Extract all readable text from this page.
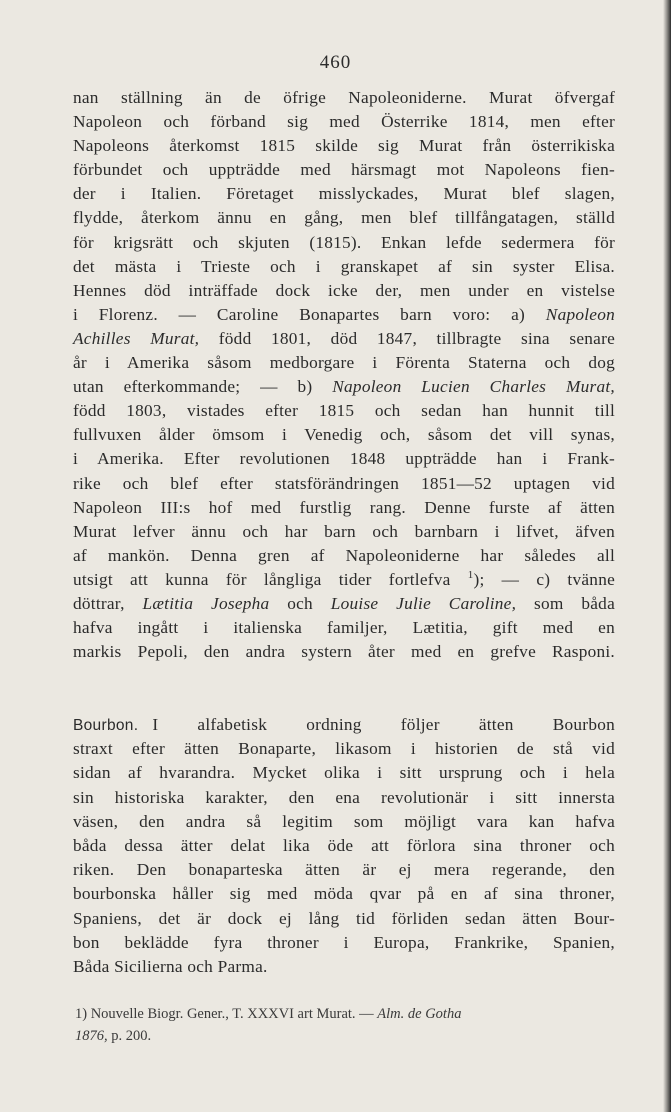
460
nan ställning än de öfrige Napoleoniderne. Murat öfvergaf
Napoleon och förband sig med Österrike 1814, men efter
Napoleons återkomst 1815 skilde sig Murat från österrikiska
förbundet och uppträdde med härsmagt mot Napoleons fien-
der i Italien. Företaget misslyckades, Murat blef slagen,
flydde, återkom ännu en gång, men blef tillfångatagen, ställd
för krigsrätt och skjuten (1815). Enkan lefde sedermera för
det mästa i Trieste och i granskapet af sin syster Elisa.
Hennes död inträffade dock icke der, men under en vistelse
i Florenz. — Caroline Bonapartes barn voro: a) Napoleon
Achilles Murat, född 1801, död 1847, tillbragte sina senare
år i Amerika såsom medborgare i Förenta Staterna och dog
utan efterkommande; — b) Napoleon Lucien Charles Murat,
född 1803, vistades efter 1815 och sedan han hunnit till
fullvuxen ålder ömsom i Venedig och, såsom det vill synas,
i Amerika. Efter revolutionen 1848 uppträdde han i Frank-
rike och blef efter statsförändringen 1851—52 uptagen vid
Napoleon III:s hof med furstlig rang. Denne furste af ätten
Murat lefver ännu och har barn och barnbarn i lifvet, äfven
af mankön. Denna gren af Napoleoniderne har således all
utsigt att kunna för långliga tider fortlefva $^1$); — c) tvänne
döttrar, Lætitia Josepha och Louise Julie Caroline, som båda
hafva ingått i italienska familjer, Lætitia, gift med en
markis Pepoli, den andra systern åter med en grefve Rasponi.
Bourbon. I alfabetisk ordning följer ätten Bourbon
straxt efter ätten Bonaparte, likasom i historien de stå vid
sidan af hvarandra. Mycket olika i sitt ursprung och i hela
sin historiska karakter, den ena revolutionär i sitt innersta
väsen, den andra så legitim som möjligt vara kan hafva
båda dessa ätter delat lika öde att förlora sina throner och
riken. Den bonaparteska ätten är ej mera regerande, den
bourbonska håller sig med möda qvar på en af sina throner,
Spaniens, det är dock ej lång tid förliden sedan ätten Bour-
bon beklädde fyra throner i Europa, Frankrike, Spanien,
Båda Sicilierna och Parma.
1) Nouvelle Biogr. Gener., T. XXXVI art Murat. — Alm. de Gotha
1876, p. 200.
